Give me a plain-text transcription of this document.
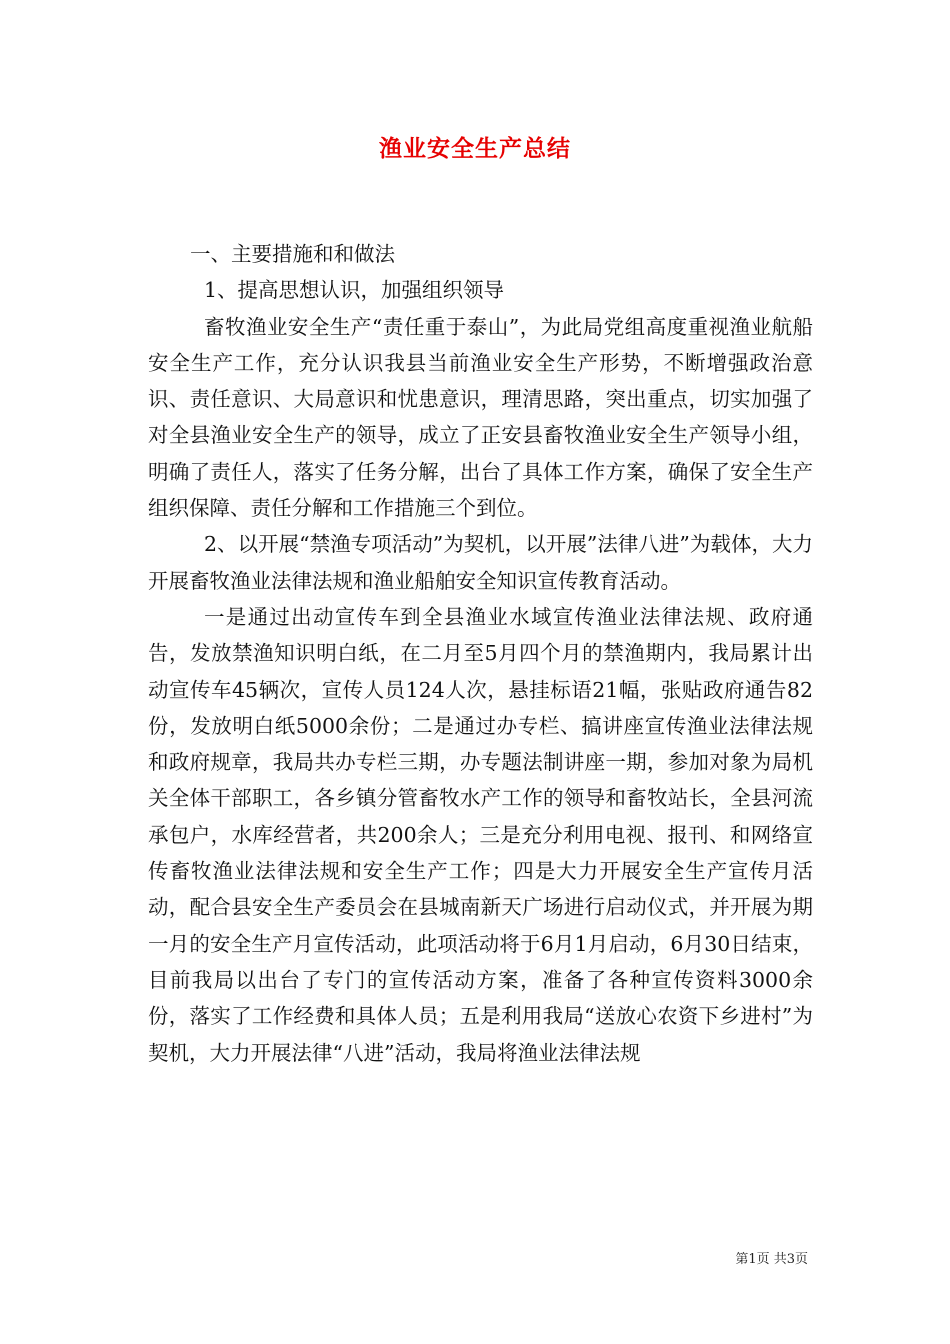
渔业安全生产总结

一、主要措施和和做法

1、提高思想认识，加强组织领导

畜牧渔业安全生产“责任重于泰山”，为此局党组高度重视渔业航船安全生产工作，充分认识我县当前渔业安全生产形势，不断增强政治意识、责任意识、大局意识和忧患意识，理清思路，突出重点，切实加强了对全县渔业安全生产的领导，成立了正安县畜牧渔业安全生产领导小组，明确了责任人，落实了任务分解，出台了具体工作方案，确保了安全生产组织保障、责任分解和工作措施三个到位。

2、以开展“禁渔专项活动”为契机，以开展”法律八进”为载体，大力开展畜牧渔业法律法规和渔业船舶安全知识宣传教育活动。

一是通过出动宣传车到全县渔业水域宣传渔业法律法规、政府通告，发放禁渔知识明白纸，在二月至5月四个月的禁渔期内，我局累计出动宣传车45辆次，宣传人员124人次，悬挂标语21幅，张贴政府通告82份，发放明白纸5000余份；二是通过办专栏、搞讲座宣传渔业法律法规和政府规章，我局共办专栏三期，办专题法制讲座一期，参加对象为局机关全体干部职工，各乡镇分管畜牧水产工作的领导和畜牧站长，全县河流承包户，水库经营者，共200余人；三是充分利用电视、报刊、和网络宣传畜牧渔业法律法规和安全生产工作；四是大力开展安全生产宣传月活动，配合县安全生产委员会在县城南新天广场进行启动仪式，并开展为期一月的安全生产月宣传活动，此项活动将于6月1月启动，6月30日结束，目前我局以出台了专门的宣传活动方案，准备了各种宣传资料3000余份，落实了工作经费和具体人员；五是利用我局“送放心农资下乡进村”为契机，大力开展法律“八进”活动，我局将渔业法律法规

第1页 共3页
